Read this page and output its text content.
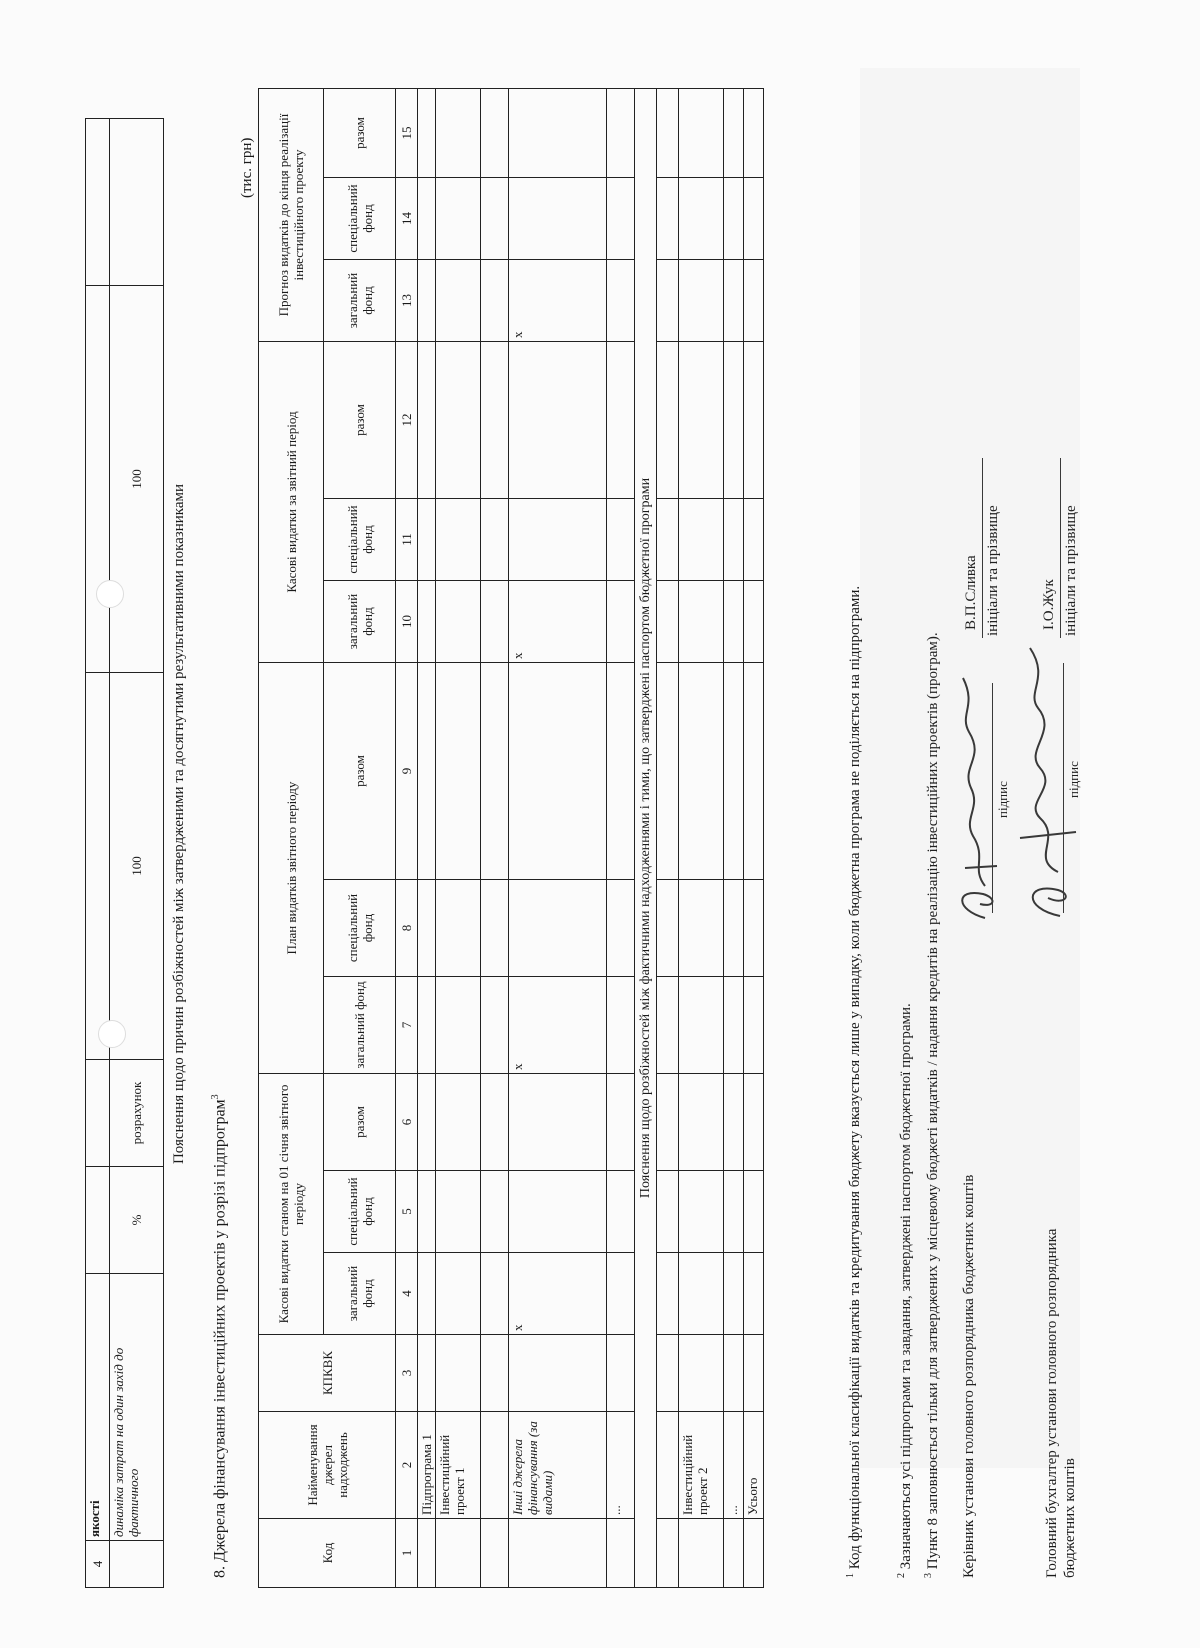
4	якості					
	динаміка затрат на один захід до фактичного	%	розрахунок	100	100	
Пояснення щодо причин розбіжностей між затвердженими та досягнутими результативними показниками
8. Джерела фінансування інвестиційних проектів у розрізі підпрограм$^3$
(тис. грн)
Код	Найменування джерел надходжень	КПКВК	Касові видатки станом на 01 січня звітного періоду			План видатків звітного періоду			Касові видатки за звітний період			Прогноз видатків до кінця реалізації інвестиційного проекту		
			загальний фонд	спеціальний фонд	разом	загальний фонд	спеціальний фонд	разом	загальний фонд	спеціальний фонд	разом	загальний фонд	спеціальний фонд	разом
1	2	3	4	5	6	7	8	9	10	11	12	13	14	15
	Підпрограма 1													
	Інвестиційний проект 1													

	Інші джерела фінансування (за видами)		х			х			х			х		
	...													
Пояснення щодо розбіжностей між фактичними надходженнями і тими, що затверджені паспортом бюджетної програми														

	Інвестиційний проект 2													
	...													
	Усього													
$^1$ Код функціональної класифікації видатків та кредитування бюджету вказується лише у випадку, коли бюджетна програма не поділяється на підпрограми.
$^2$ Зазначаються усі підпрограми та завдання, затверджені паспортом бюджетної програми.
$^3$ Пункт 8 заповнюється тільки для затверджених у місцевому бюджеті видатків / надання кредитів на реалізацію інвестиційних проектів (програм). Керівник установи головного розпорядника бюджетних коштів
підпис
В.П.Сливка ініціали та прізвище
Головний бухгалтер установи головного розпорядника бюджетних коштів
підпис
І.О.Жук ініціали та прізвище
